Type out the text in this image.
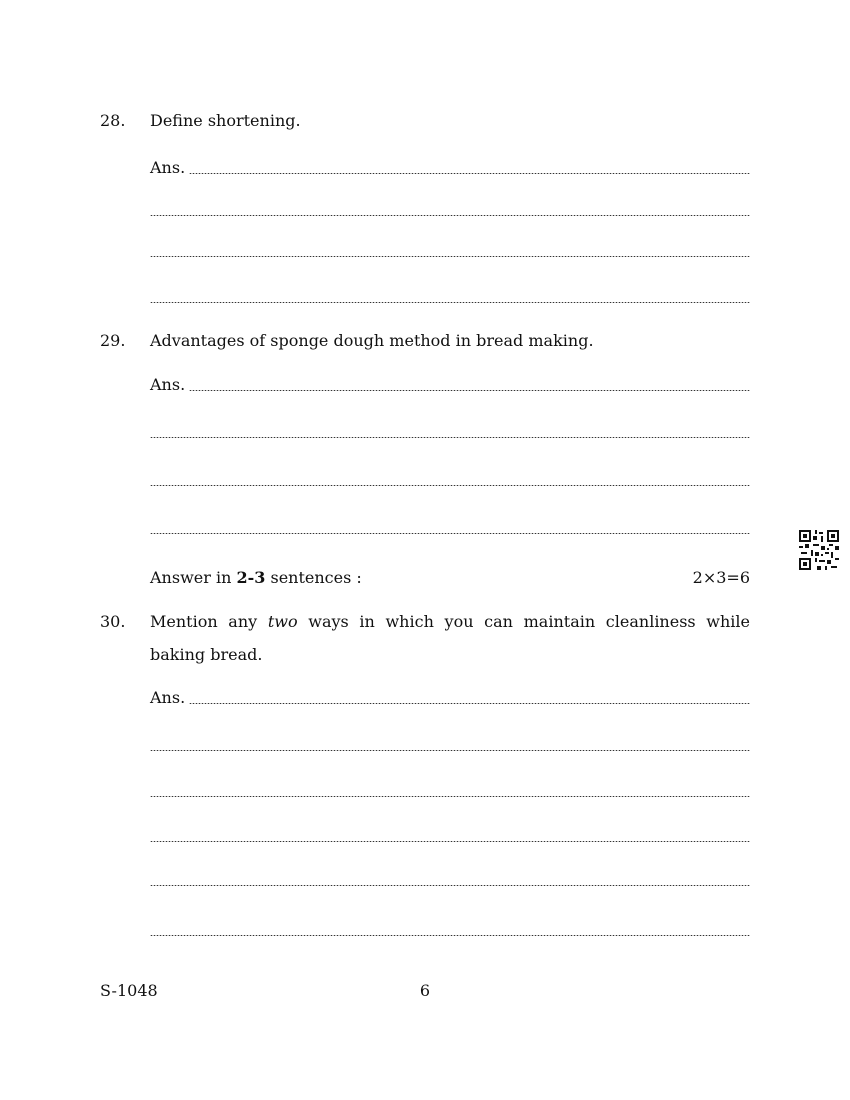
28. Define shortening.
Ans.
29. Advantages of sponge dough method in bread making.
Ans.
Answer in 2-3 sentences :	2×3=6
30. Mention any two ways in which you can maintain cleanliness while baking bread.
Ans.
S-1048	6
